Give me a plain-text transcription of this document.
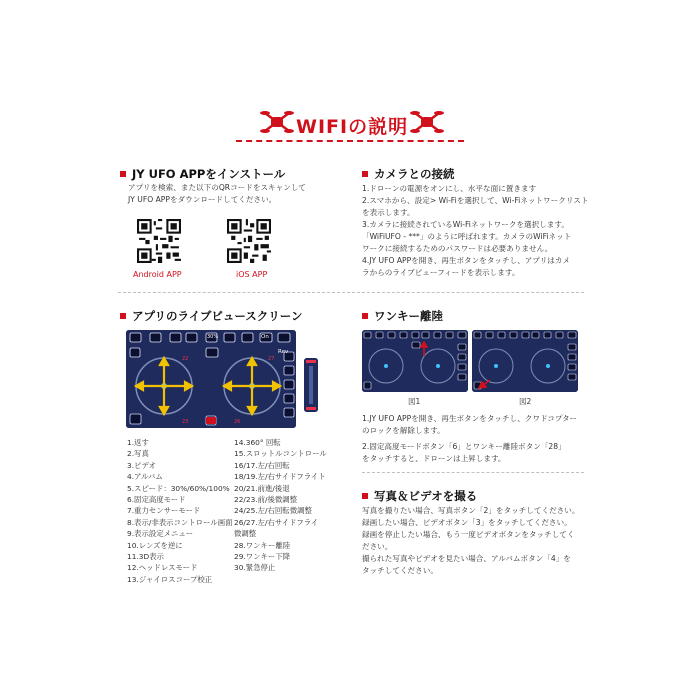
WIFIの説明
JY UFO APPをインストール

アプリを検索、また以下のQRコードをスキャンして

JY UFO APPをダウンロードしてください。

Android APP	iOS APP
カメラとの接続

1.ドローンの電源をオンにし、水平な面に置きます

2.スマホから、設定> Wi-Fiを選択して、Wi-Fiネットワークリスト

を表示します。

3.カメラに接続されているWi-Fiネットワークを選択します。

「WiFiUFO - ***」のように呼ばれます。カメラのWiFiネット

ワークに接続するためのパスワードは必要ありません。

4.JY UFO APPを開き、再生ボタンをタッチし、アプリはカメ

ラからのライブビューフィードを表示します。

アプリのライブビュースクリーン
22	27
23	26
30%	On
Rev
1.返す
2.写真
3.ビデオ
4.アルバム
5.スピード：30%/60%/100%
6.固定高度モード
7.重力センサーモード
8.表示/非表示コントロール画面
9.表示設定メニュー
10.レンズを逆に
11.3D表示
12.ヘッドレスモード
13.ジャイロスコープ校正
14.360° 回転
15.スロットルコントロール
16/17.左/右回転
18/19.左/右サイドフライト
20/21.前進/後退
22/23.前/後微調整
24/25.左/右回転微調整
26/27.左/右サイドフライ
微調整
28.ワンキー離陸
29.ワンキー下降
30.緊急停止
ワンキー離陸
図1	図2

1.JY UFO APPを開き、再生ボタンをタッチし、クワドコプター

のロックを解除します。

2.固定高度モードボタン「6」とワンキー離陸ボタン「28」

をタッチすると、ドローンは上昇します。

写真＆ビデオを撮る

写真を撮りたい場合、写真ボタン「2」をタッチしてください。

録画したい場合、ビデオボタン「3」をタッチしてください。

録画を停止したい場合、もう一度ビデオボタンをタッチしてく

ださい。

撮られた写真やビデオを見たい場合、アルバムボタン「4」を

タッチしてください。
